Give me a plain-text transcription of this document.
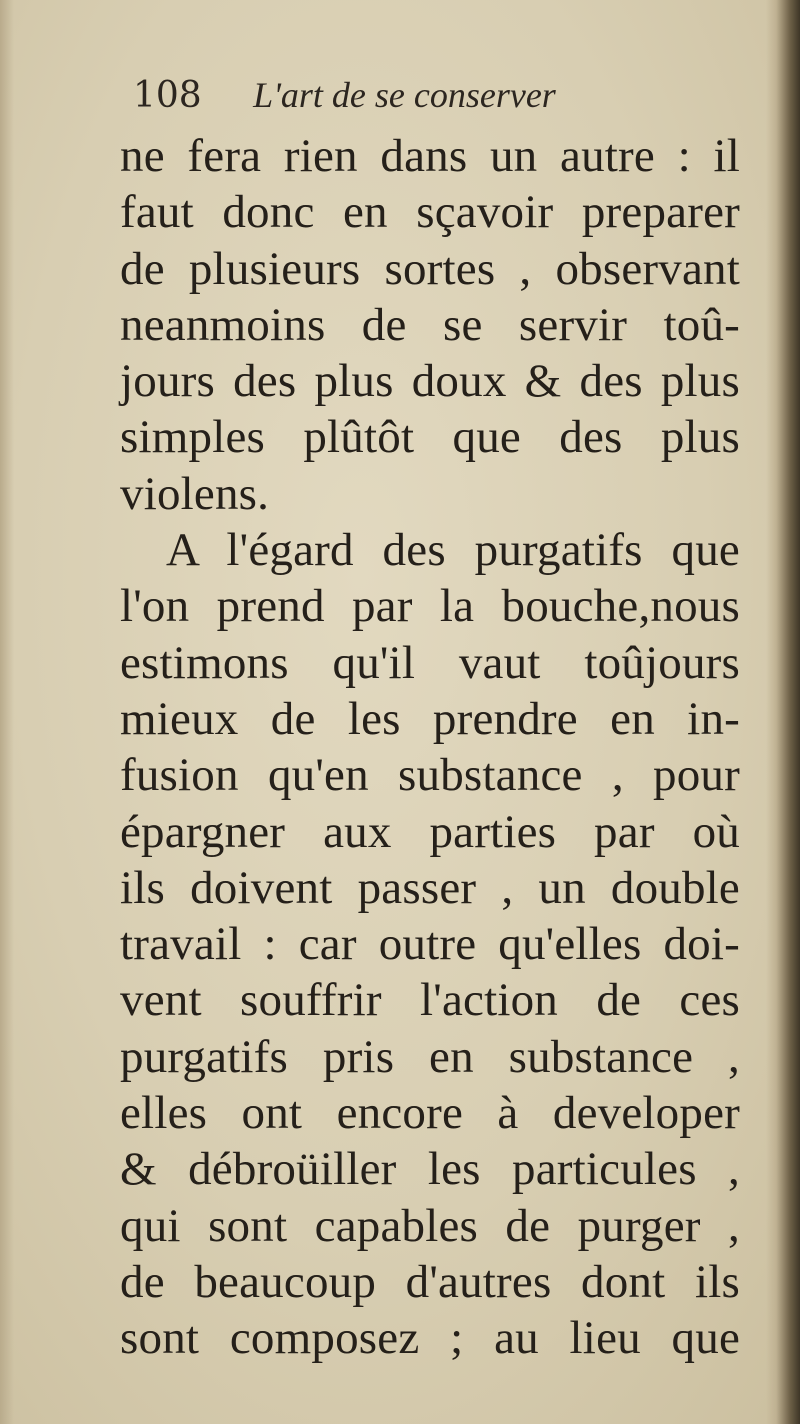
108 L'art de se conserver
ne fera rien dans un autre : il
faut donc en sçavoir preparer
de plusieurs sortes , observant
neanmoins de se servir toû-
jours des plus doux & des plus
simples plûtôt que des plus
violens.
A l'égard des purgatifs que
l'on prend par la bouche,nous
estimons qu'il vaut toûjours
mieux de les prendre en in-
fusion qu'en substance , pour
épargner aux parties par où
ils doivent passer , un double
travail : car outre qu'elles doi-
vent souffrir l'action de ces
purgatifs pris en substance ,
elles ont encore à developer
& débroüiller les particules ,
qui sont capables de purger ,
de beaucoup d'autres dont ils
sont composez ; au lieu que
